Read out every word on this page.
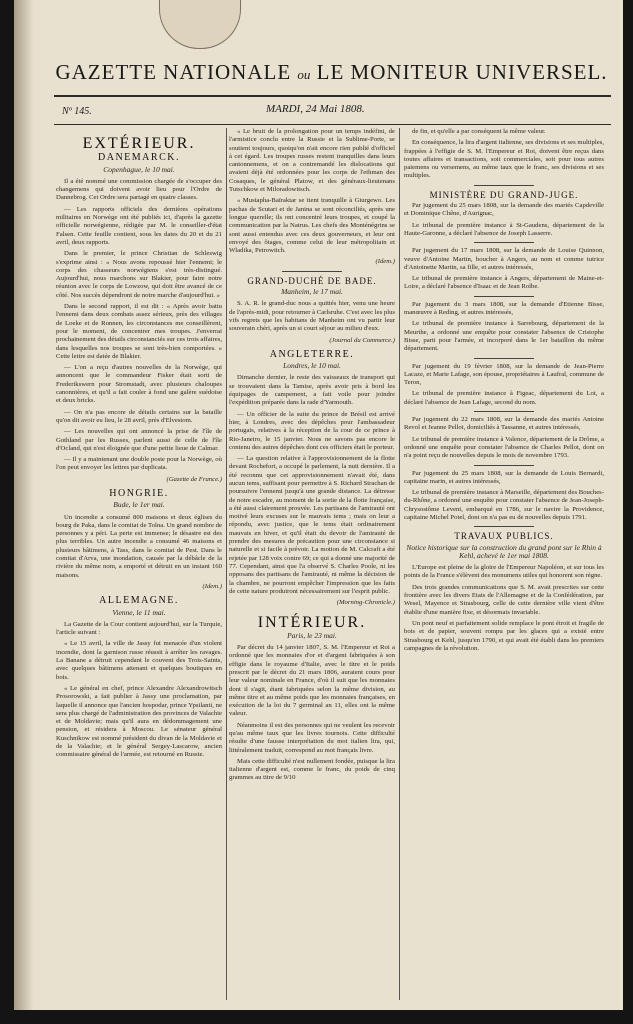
GAZETTE NATIONALE ou LE MONITEUR UNIVERSEL.
Nº 145.	MARDI, 24 Mai 1808.
EXTÉRIEUR.
DANEMARCK.
Copenhague, le 10 mai.

Il a été nommé une commission chargée de s'occuper des changemens qui doivent avoir lieu pour l'Ordre de Dannebrog. Cet Ordre sera partagé en quatre classes.

— Les rapports officiels des dernières opérations militaires en Norwège ont été publiés ici, d'après la gazette officielle norwégienne, rédigée par M. le conseiller-d'état Falsen. Cette feuille contient, sous les dates du 20 et du 21 avril, deux rapports.

Dans le premier, le prince Christian de Schleswig s'exprime ainsi : « Nous avons repoussé hier l'ennemi; le corps des chasseurs norwégiens s'est très-distingué. Aujourd'hui, nous marchons sur Blakier, pour faire notre réunion avec le corps de Lowzow, qui doit être avancé de ce côté. Nos succès dépendront de notre marche d'aujourd'hui. »

Dans le second rapport, il est dit : « Après avoir battu l'ennemi dans deux combats assez sérieux, près des villages de Loeke et de Ronnen, les circonstances me conseillèrent, pour le moment, de concentrer mes troupes. J'enverrai prochainement des détails circonstanciés sur ces trois affaires, dans lesquelles nos troupes se sont très-bien comportées. » Cette lettre est datée de Blakier.

— L'on a reçu d'autres nouvelles de la Norwège, qui annoncent que le commandeur Fisker était sorti de Frederikswern pour Stromstadt, avec plusieurs chaloupes canonnières, et qu'il a fait couler à fond une galère suédoise et deux bricks.

— On n'a pas encore de détails certains sur la bataille qu'on dit avoir eu lieu, le 28 avril, près d'Elvestom.

— Les nouvelles qui ont annoncé la prise de l'île de Gothland par les Russes, parlent aussi de celle de l'île d'Ocland, qui n'est éloignée que d'une petite lieue de Calmar.

— Il y a maintenant une double poste pour la Norwège, où l'on peut envoyer les lettres par duplicata.

(Gazette de France.)
HONGRIE.
Bude, le 1er mai.

Un incendie a consumé 800 maisons et deux églises du bourg de Paka, dans le comitat de Tolna. Un grand nombre de personnes y a péri. La perte est immense; le désastre est des plus terribles. Un autre incendie a consumé 46 maisons et plusieurs bâtimens, à Tass, dans le comitat de Pest. Dans le comitat d'Arva, une inondation, causée par la débâcle de la rivière du même nom, a emporté et détruit en un instant 160 maisons.

(Idem.)
ALLEMAGNE.
Vienne, le 11 mai.

La Gazette de la Cour contient aujourd'hui, sur la Turquie, l'article suivant :

« Le 15 avril, la ville de Jassy fut menacée d'un violent incendie, dont la garnison russe réussit à arrêter les ravages. La Banane a détruit cependant le couvent des Trois-Saints, avec quelques bâtimens attenant et quelques boutiques en bois.

« Le général en chef, prince Alexandre Alexandrowitsch Prosorowski, a fait publier à Jassy une proclamation, par laquelle il annonce que l'ancien hospodar, prince Ypsilanti, ne sera plus chargé de l'administration des provinces de Valachie et de Moldavie; mais qu'il aura en dédommagement une pension, et résidera à Moscou. Le sénateur général Kuschnikow est nommé président du divan de la Moldavie et de la Valachie; et le général Sergey-Lascarow, ancien commissaire général de l'armée, est retourné en Russie.

« Le bruit de la prolongation pour un temps indéfini, de l'armistice conclu entre la Russie et la Sublime-Porte, se soutient toujours, quoiqu'on n'ait encore rien publié d'officiel à cet égard. Les troupes russes restent tranquilles dans leurs cantonnemens, et on a contremandé les dislocations qui avaient déjà été ordonnées pour les corps de l'ethman des Cosaques, le général Platow, et des généraux-lieutenans Tutschkow et Miloradowitsch.

« Mustapha-Baïraktar se tient tranquille à Giurgewo. Les pachas de Scutari et de Janina se sont réconciliés, après une longue querelle; ils ont concentré leurs troupes, et coupé la communication par la Natrus. Les chefs des Monténégrins se sont aussi entendus avec ces deux gouverneurs, et leur ont envoyé des ôtages, comme celui de leur métropolitain et Wladika, Petrowitch.

(Idem.)
GRAND-DUCHÉ DE BADE.
Manheim, le 17 mai.

S. A. R. le grand-duc nous a quittés hier, venu une heure de l'après-midi, pour retourner à Carlsruhe. C'est avec les plus vifs regrets que les habitans de Manheim ont vu partir leur souverain chéri, après un si court séjour au milieu d'eux.

(Journal du Commerce.)
ANGLETERRE.
Londres, le 10 mai.

Dimanche dernier, le reste des vaisseaux de transport qui se trouvaient dans la Tamise, après avoir pris à bord les équipages de campement, a fait voile pour joindre l'expédition préparée dans la rade d'Yarmouth.

— Un officier de la suite du prince de Brésil est arrivé hier, à Londres, avec des dépêches pour l'ambassadeur portugais, relatives à la réception de la cour de ce prince à Rio-Janeiro, le 15 janvier. Nous ne savons pas encore le contenu des autres dépêches dont ces officiers était le porteur.

— La question relative à l'approvisionnement de la flotte devant Rochefort, a occupé le parlement, la nuit dernière. Il a été reconnu que cet approvisionnement n'avait été, dans aucun tems, suffisant pour permettre à S. Richard Strachan de poursuivre l'ennemi jusqu'à une grande distance. La détresse de notre escadre, au moment de la sortie de la flotte française, a été aussi clairement prouvée. Les partisans de l'amirauté ont motivé leurs excuses sur le mauvais tems ; mais on leur a répondu, avec justice, que le tems était ordinairement mauvais en hiver, et qu'il était du devoir de l'amirauté de prendre des mesures de précaution pour une circonstance si naturelle et si facile à prévoir. La motion de M. Calcraft a été rejetée par 128 voix contre 69; ce qui a donné une majorité de 77. Cependant, ainsi que l'a observé S. Charles Poole, ni les opposans des partisans de l'amirauté, ni même la décision de la chambre, ne pourront empêcher l'impression que les faits de cette nature produiront nécessairement sur l'esprit public.

(Morning-Chronicle.)
INTÉRIEUR.
Paris, le 23 mai.

Par décret du 14 janvier 1807, S. M. l'Empereur et Roi a ordonné que les monnaies d'or et d'argent fabriquées à son effigie dans le royaume d'Italie, avec le titre et le poids prescrit par le décret du 21 mars 1806, auraient cours pour leur valeur nominale en France, d'où il suit que les monnaies dont il s'agit, étant fabriquées selon la même division, au même titre et au même poids que les monnaies françaises, en exécution de la loi du 7 germinal an 11, elles ont la même valeur.

Néanmoins il est des personnes qui ne veulent les recevoir qu'au même taux que les livres tournois. Cette difficulté résulte d'une fausse interprétation du mot italien lira, qui, littéralement traduit, correspond au mot français livre.

Mais cette difficulté n'est nullement fondée, puisque la lira italienne d'argent est, comme le franc, du poids de cinq grammes au titre de 9/10

de fin, et qu'elle a par conséquent la même valeur.

En conséquence, la lira d'argent italienne, ses divisions et ses multiples, frappées à l'effigie de S. M. l'Empereur et Roi, doivent être reçus dans toutes affaires et transactions, soit commerciales, soit pour tous autres paiemens ou versemens, au même taux que le franc, ses divisions et ses multiples.

MINISTÈRE DU GRAND-JUGE.

Par jugement du 25 mars 1808, sur la demande des mariés Capdeville et Dominique Chêne, d'Aurignac,

Le tribunal de première instance à St-Gaudens, département de la Haute-Garonne, a déclaré l'absence de Joseph Lasserre.

Par jugement du 17 mars 1808, sur la demande de Louise Quinnon, veuve d'Antoine Martin, boucher à Angers, au nom et comme tutrice d'Antoinette Martin, sa fille, et autres intéressés,

Le tribunal de première instance à Angers, département de Maine-et-Loire, a déclaré l'absence d'Isaac et de Jean Rolbe.

Par jugement du 3 mars 1808, sur la demande d'Etienne Bisse, manœuvre à Reding, et autres intéressés,

Le tribunal de première instance à Sarrebourg, département de la Meurthe, a ordonné une enquête pour constater l'absence de Cristophe Bisse, parti pour l'armée, et incorporé dans le 1er bataillon du même département.

Par jugement du 19 février 1808, sur la demande de Jean-Pierre Lacaze, et Marie Lafage, son épouse, propriétaires à Laufral, commune de Teron,

Le tribunal de première instance à Figeac, département du Lot, a déclaré l'absence de Jean Lafage, second du nom.

Par jugement du 22 mars 1808, sur la demande des mariés Antoine Revol et Jeanne Pellot, domiciliés à Tassanne, et autres intéressés,

Le tribunal de première instance à Valence, département de la Drôme, a ordonné une enquête pour constater l'absence de Charles Pellot, dont on n'a point reçu de nouvelles depuis le mois de novembre 1793.

Par jugement du 25 mars 1808, sur la demande de Louis Bernardi, capitaine marin, et autres intéressés,

Le tribunal de première instance à Marseille, département des Bouches-du-Rhône, a ordonné une enquête pour constater l'absence de Jean-Joseph-Chrysostôme Levent, embarqué en 1786, sur le navire la Providence, capitaine Michel Potel, dont on n'a pas eu de nouvelles depuis 1791.

TRAVAUX PUBLICS.
Notice historique sur la construction du grand pont sur le Rhin à Kehl, achevé le 1er mai 1808.

L'Europe est pleine de la gloire de l'Empereur Napoléon, et sur tous les points de la France s'élèvent des monumens utiles qui honorent son règne.

Des trois grandes communications que S. M. avait prescrites sur cette frontière avec les divers Etats de l'Allemagne et de la Confédération, par Wesel, Mayence et Strasbourg, celle de cette dernière ville vient d'être établie d'une manière fixe, et désormais invariable.

Un pont neuf et parfaitement solide remplace le pont étroit et fragile de bois et de papier, souvent rompu par les glaces qui a existé entre Strasbourg et Kehl, jusqu'en 1790, et qui avait été établi dans les premiers campagnes de la révolution.
